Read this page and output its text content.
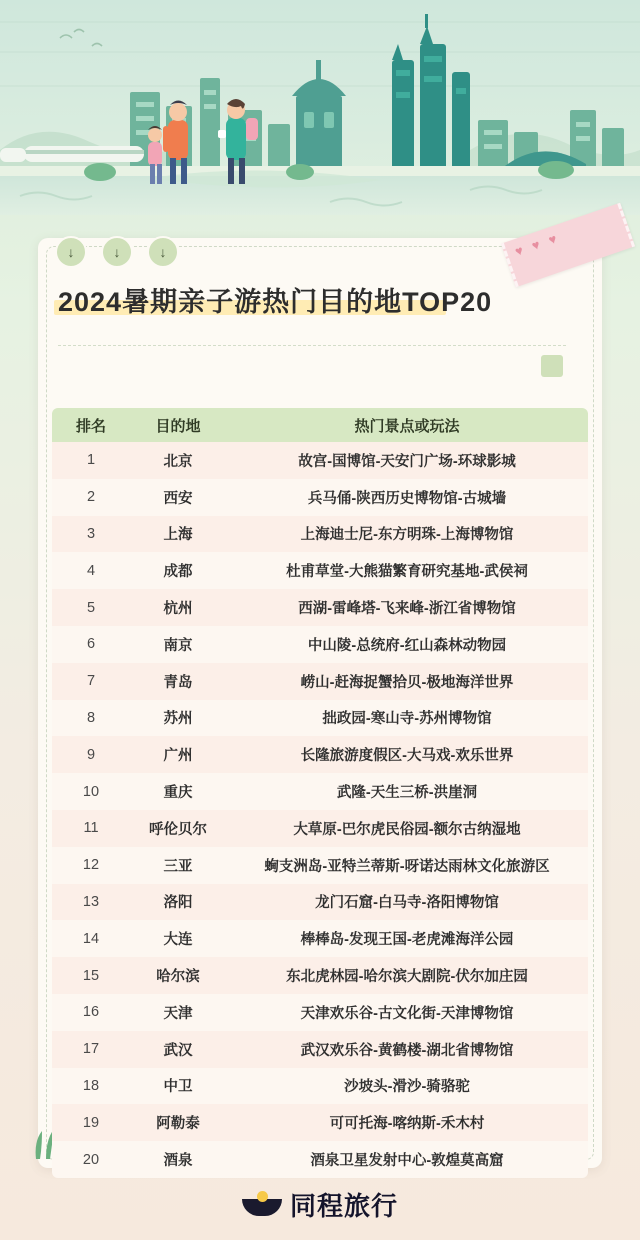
↓	↓	↓	♥♥♥
2024暑期亲子游热门目的地TOP20
排名	目的地	热门景点或玩法
1	北京	故宫-国博馆-天安门广场-环球影城
2	西安	兵马俑-陕西历史博物馆-古城墙
3	上海	上海迪士尼-东方明珠-上海博物馆
4	成都	杜甫草堂-大熊猫繁育研究基地-武侯祠
5	杭州	西湖-雷峰塔-飞来峰-浙江省博物馆
6	南京	中山陵-总统府-红山森林动物园
7	青岛	崂山-赶海捉蟹拾贝-极地海洋世界
8	苏州	拙政园-寒山寺-苏州博物馆
9	广州	长隆旅游度假区-大马戏-欢乐世界
10	重庆	武隆-天生三桥-洪崖洞
11	呼伦贝尔	大草原-巴尔虎民俗园-额尔古纳湿地
12	三亚	蜔支洲岛-亚特兰蒂斯-呀诺达雨林文化旅游区
13	洛阳	龙门石窟-白马寺-洛阳博物馆
14	大连	棒棒岛-发现王国-老虎滩海洋公园
15	哈尔滨	东北虎林园-哈尔滨大剧院-伏尔加庄园
16	天津	天津欢乐谷-古文化街-天津博物馆
17	武汉	武汉欢乐谷-黄鹤楼-湖北省博物馆
18	中卫	沙坡头-滑沙-骑骆驼
19	阿勒泰	可可托海-喀纳斯-禾木村
20	酒泉	酒泉卫星发射中心-敦煌莫高窟
同程旅行
